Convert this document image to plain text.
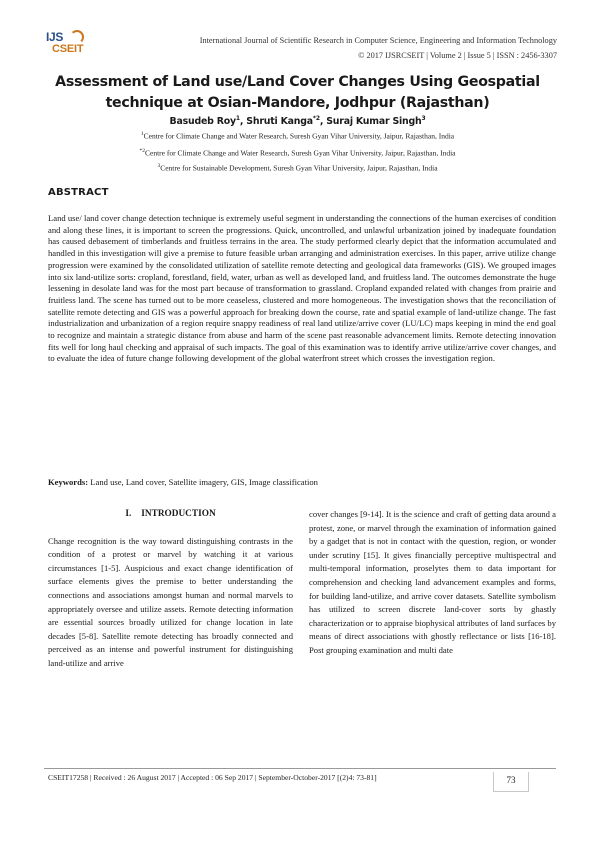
IJS
CSEIT
International Journal of Scientific Research in Computer Science, Engineering and Information Technology
© 2017 IJSRCSEIT | Volume 2 | Issue 5 | ISSN : 2456-3307
Assessment of Land use/Land Cover Changes Using Geospatial
technique at Osian-Mandore, Jodhpur (Rajasthan)
Basudeb Roy$^1$, Shruti Kanga$^{*2}$, Suraj Kumar Singh$^3$
$^1$Centre for Climate Change and Water Research, Suresh Gyan Vihar University, Jaipur, Rajasthan, India
$^{*2}$Centre for Climate Change and Water Research, Suresh Gyan Vihar University, Jaipur, Rajasthan, India
$^3$Centre for Sustainable Development, Suresh Gyan Vihar University, Jaipur, Rajasthan, India
ABSTRACT
Land use/ land cover change detection technique is extremely useful segment in understanding the connections of the human exercises of condition and along these lines, it is important to screen the progressions. Quick, uncontrolled, and unlawful urbanization joined by inadequate foundation has caused debasement of timberlands and fruitless terrains in the area. The study performed clearly depict that the information accumulated and handled in this investigation will give a premise to future feasible urban arranging and administration exercises. In this paper, arrive utilize change progression were examined by the consolidated utilization of satellite remote detecting and geological data frameworks (GIS). We grouped images into six land-utilize sorts: cropland, forestland, field, water, urban as well as developed land, and fruitless land. The outcomes demonstrate the huge lessening in desolate land was for the most part because of transformation to grassland. Cropland expanded related with changes from prairie and fruitless land. The scene has turned out to be more ceaseless, clustered and more homogeneous. The investigation shows that the reconciliation of satellite remote detecting and GIS was a powerful approach for breaking down the course, rate and spatial example of land-utilize change. The fast industrialization and urbanization of a region require snappy readiness of real land utilize/arrive cover (LU/LC) maps keeping in mind the end goal to recognize and maintain a strategic distance from abuse and harm of the scene past reasonable advancement limits. Remote detecting innovation fits well for long haul checking and appraisal of such impacts. The goal of this examination was to identify arrive utilize/arrive cover changes, and to evaluate the idea of future change following development of the global waterfront street which crosses the investigation region.
Keywords: Land use, Land cover, Satellite imagery, GIS, Image classification
I. INTRODUCTION
Change recognition is the way toward distinguishing contrasts in the condition of a protest or marvel by watching it at various circumstances [1-5]. Auspicious and exact change identification of surface elements gives the premise to better understanding the connections and associations amongst human and normal marvels to appropriately oversee and utilize assets. Remote detecting information are essential sources broadly utilized for change location in late decades [5-8]. Satellite remote detecting has broadly connected and perceived as an intense and powerful instrument for distinguishing land-utilize and arrive
cover changes [9-14]. It is the science and craft of getting data around a protest, zone, or marvel through the examination of information gained by a gadget that is not in contact with the question, region, or wonder under scrutiny [15]. It gives financially perceptive multispectral and multi-temporal information, proselytes them to data important for comprehension and checking land advancement examples and forms, for building land-utilize, and arrive cover datasets. Satellite symbolism has utilized to screen discrete land-cover sorts by ghastly characterization or to appraise biophysical attributes of land surfaces by means of direct associations with ghostly reflectance or lists [16-18]. Post grouping examination and multi date
CSEIT17258 | Received : 26 August 2017 | Accepted : 06 Sep 2017 | September-October-2017 [(2)4: 73-81]	73
